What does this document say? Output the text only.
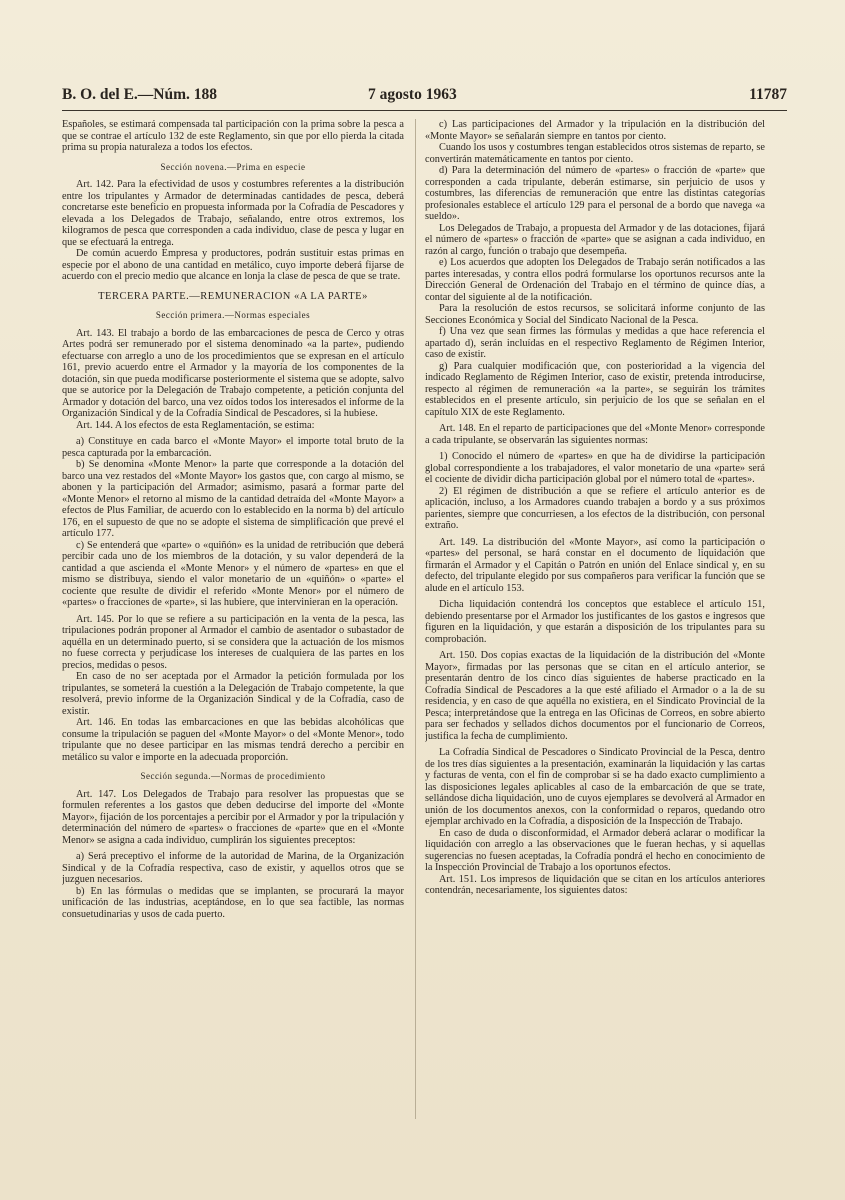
B. O. del E.—Núm. 188	7 agosto 1963	11787

Españoles, se estimará compensada tal participación con la prima sobre la pesca a que se contrae el artículo 132 de este Reglamento, sin que por ello pierda la citada prima su propia naturaleza a todos los efectos.

Sección novena.—Prima en especie

Art. 142. Para la efectividad de usos y costumbres referentes a la distribución entre los tripulantes y Armador de determinadas cantidades de pesca, deberá concretarse este beneficio en propuesta informada por la Cofradía de Pescadores y elevada a los Delegados de Trabajo, señalando, entre otros extremos, los kilogramos de pesca que corresponden a cada individuo, clase de pesca y lugar en que se efectuará la entrega.

De común acuerdo Empresa y productores, podrán sustituir estas primas en especie por el abono de una cantidad en metálico, cuyo importe deberá fijarse de acuerdo con el precio medio que alcance en lonja la clase de pesca de que se trate.

TERCERA PARTE.—REMUNERACION «A LA PARTE»
Sección primera.—Normas especiales

Art. 143. El trabajo a bordo de las embarcaciones de pesca de Cerco y otras Artes podrá ser remunerado por el sistema denominado «a la parte», pudiendo efectuarse con arreglo a uno de los procedimientos que se expresan en el artículo 161, previo acuerdo entre el Armador y la mayoría de los componentes de la dotación, sin que pueda modificarse posteriormente el sistema que se adopte, salvo que se autorice por la Delegación de Trabajo competente, a petición conjunta del Armador y dotación del barco, una vez oídos todos los interesados el informe de la Organización Sindical y de la Cofradía Sindical de Pescadores, si la hubiese.

Art. 144. A los efectos de esta Reglamentación, se estima:

a) Constituye en cada barco el «Monte Mayor» el importe total bruto de la pesca capturada por la embarcación.

b) Se denomina «Monte Menor» la parte que corresponde a la dotación del barco una vez restados del «Monte Mayor» los gastos que, con cargo al mismo, se abonen y la participación del Armador; asimismo, pasará a formar parte del «Monte Menor» el retorno al mismo de la cantidad detraída del «Monte Mayor» a efectos de Plus Familiar, de acuerdo con lo establecido en la norma b) del artículo 176, en el supuesto de que no se adopte el sistema de simplificación que prevé el artículo 177.

c) Se entenderá que «parte» o «quiñón» es la unidad de retribución que deberá percibir cada uno de los miembros de la dotación, y su valor dependerá de la cantidad a que ascienda el «Monte Menor» y el número de «partes» en que el mismo se distribuya, siendo el valor monetario de un «quiñón» o «parte» el cociente que resulte de dividir el referido «Monte Menor» por el número de «partes» o fracciones de «parte», si las hubiere, que intervinieran en la operación.

Art. 145. Por lo que se refiere a su participación en la venta de la pesca, las tripulaciones podrán proponer al Armador el cambio de asentador o subastador de aquélla en un determinado puerto, si se considera que la actuación de los mismos no fuese correcta y perjudicase los intereses de cualquiera de las partes en los precios, medidas o pesos.

En caso de no ser aceptada por el Armador la petición formulada por los tripulantes, se someterá la cuestión a la Delegación de Trabajo competente, la que resolverá, previo informe de la Organización Sindical y de la Cofradía, caso de existir.

Art. 146. En todas las embarcaciones en que las bebidas alcohólicas que consume la tripulación se paguen del «Monte Mayor» o del «Monte Menor», todo tripulante que no desee participar en las mismas tendrá derecho a percibir en metálico su valor e importe en la adecuada proporción.

Sección segunda.—Normas de procedimiento

Art. 147. Los Delegados de Trabajo para resolver las propuestas que se formulen referentes a los gastos que deben deducirse del importe del «Monte Mayor», fijación de los porcentajes a percibir por el Armador y por la tripulación y determinación del número de «partes» o fracciones de «parte» que en el «Monte Menor» se asigna a cada individuo, cumplirán los siguientes preceptos:

a) Será preceptivo el informe de la autoridad de Marina, de la Organización Sindical y de la Cofradía respectiva, caso de existir, y aquellos otros que se juzguen necesarios.

b) En las fórmulas o medidas que se implanten, se procurará la mayor unificación de las industrias, aceptándose, en lo que sea factible, las normas consuetudinarias y usos de cada puerto.

c) Las participaciones del Armador y la tripulación en la distribución del «Monte Mayor» se señalarán siempre en tantos por ciento.

Cuando los usos y costumbres tengan establecidos otros sistemas de reparto, se convertirán matemáticamente en tantos por ciento.

d) Para la determinación del número de «partes» o fracción de «parte» que corresponden a cada tripulante, deberán estimarse, sin perjuicio de usos y costumbres, las diferencias de remuneración que entre las distintas categorías profesionales establece el artículo 129 para el personal de a bordo que navega «a sueldo».

Los Delegados de Trabajo, a propuesta del Armador y de las dotaciones, fijará el número de «partes» o fracción de «parte» que se asignan a cada individuo, en razón al cargo, función o trabajo que desempeña.

e) Los acuerdos que adopten los Delegados de Trabajo serán notificados a las partes interesadas, y contra ellos podrá formularse los oportunos recursos ante la Dirección General de Ordenación del Trabajo en el término de quince días, a contar del siguiente al de la notificación.

Para la resolución de estos recursos, se solicitará informe conjunto de las Secciones Económica y Social del Sindicato Nacional de la Pesca.

f) Una vez que sean firmes las fórmulas y medidas a que hace referencia el apartado d), serán incluídas en el respectivo Reglamento de Régimen Interior, caso de existir.

g) Para cualquier modificación que, con posterioridad a la vigencia del indicado Reglamento de Régimen Interior, caso de existir, pretenda introducirse, respecto al régimen de remuneración «a la parte», se seguirán los trámites establecidos en el presente artículo, sin perjuicio de los que se señalan en el capítulo XIX de este Reglamento.

Art. 148. En el reparto de participaciones que del «Monte Menor» corresponde a cada tripulante, se observarán las siguientes normas:

1) Conocido el número de «partes» en que ha de dividirse la participación global correspondiente a los trabajadores, el valor monetario de una «parte» será el cociente de dividir dicha participación global por el número total de «partes».

2) El régimen de distribución a que se refiere el artículo anterior es de aplicación, incluso, a los Armadores cuando trabajen a bordo y a sus próximos parientes, siempre que concurriesen, a los efectos de la distribución, con personal extraño.

Art. 149. La distribución del «Monte Mayor», así como la participación o «partes» del personal, se hará constar en el documento de liquidación que firmarán el Armador y el Capitán o Patrón en unión del Enlace sindical y, en su defecto, del tripulante elegido por sus compañeros para verificar la función que se alude en el artículo 153.

Dicha liquidación contendrá los conceptos que establece el artículo 151, debiendo presentarse por el Armador los justificantes de los gastos e ingresos que figuren en la liquidación, y que estarán a disposición de los tripulantes para su comprobación.

Art. 150. Dos copias exactas de la liquidación de la distribución del «Monte Mayor», firmadas por las personas que se citan en el artículo anterior, se presentarán dentro de los cinco días siguientes de haberse practicado en la Cofradía Sindical de Pescadores a la que esté afiliado el Armador o a la de su residencia, y en caso de que aquélla no existiera, en el Sindicato Provincial de la Pesca; interpretándose que la entrega en las Oficinas de Correos, en sobre abierto para ser fechados y sellados dichos documentos por el funcionario de Correos, justifica la fecha de cumplimiento.

La Cofradía Sindical de Pescadores o Sindicato Provincial de la Pesca, dentro de los tres días siguientes a la presentación, examinarán la liquidación y las cartas y facturas de venta, con el fin de comprobar si se ha dado exacto cumplimiento a las disposiciones legales aplicables al caso de la embarcación de que se trate, sellándose dicha liquidación, uno de cuyos ejemplares se devolverá al Armador en unión de los documentos anexos, con la conformidad o reparos, quedando otro ejemplar archivado en la Cofradía, a disposición de la Inspección de Trabajo.

En caso de duda o disconformidad, el Armador deberá aclarar o modificar la liquidación con arreglo a las observaciones que le fueran hechas, y si aquellas sugerencias no fuesen aceptadas, la Cofradía pondrá el hecho en conocimiento de la Inspección Provincial de Trabajo a los oportunos efectos.

Art. 151. Los impresos de liquidación que se citan en los artículos anteriores contendrán, necesariamente, los siguientes datos:
